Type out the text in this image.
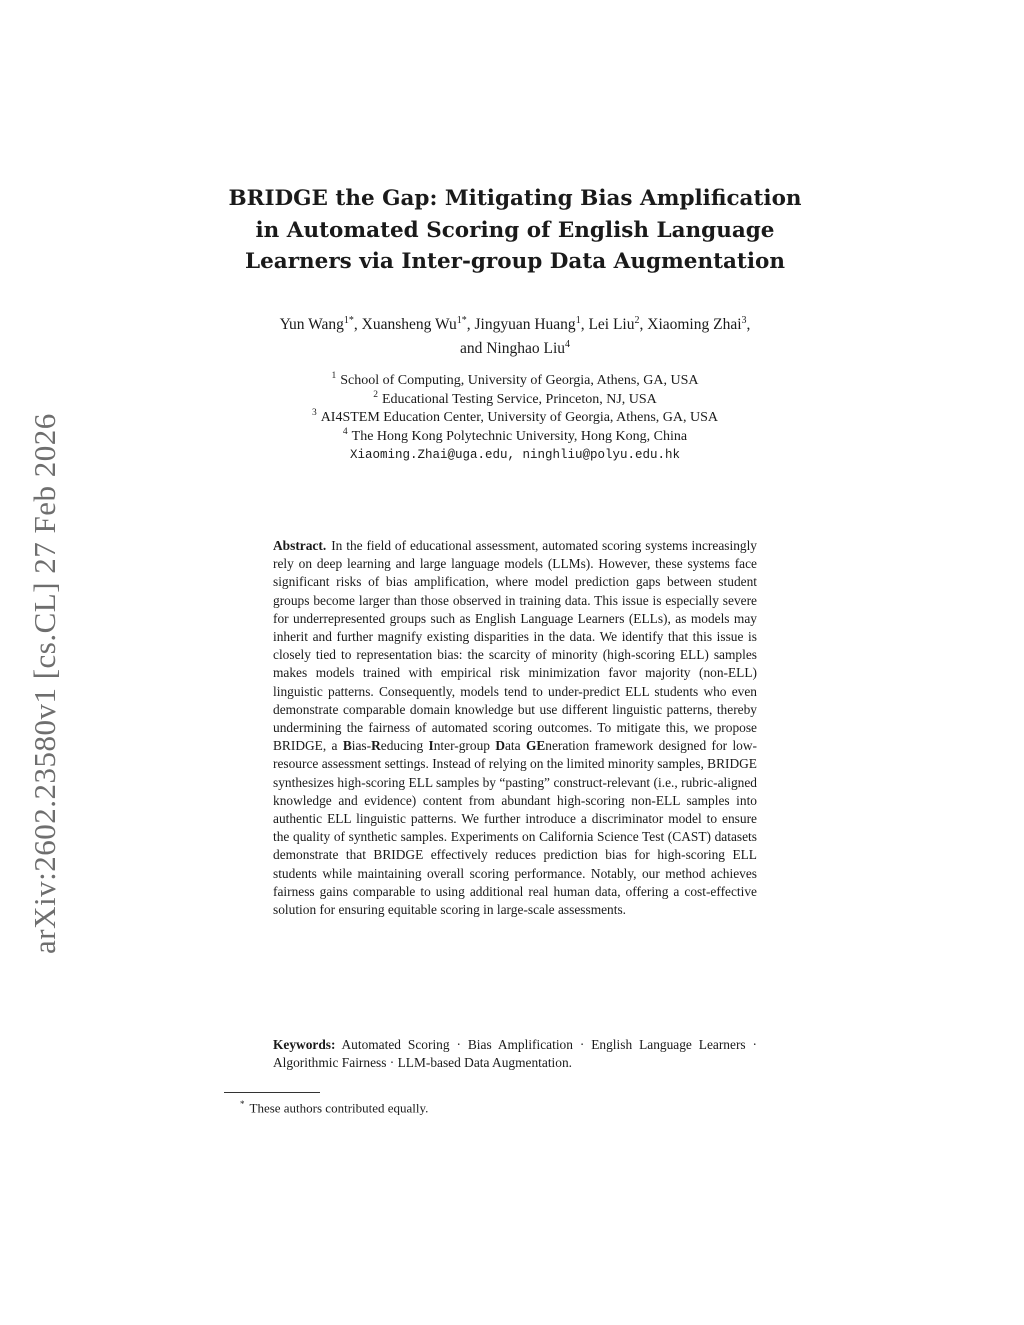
arXiv:2602.23580v1 [cs.CL] 27 Feb 2026
BRIDGE the Gap: Mitigating Bias Amplification
in Automated Scoring of English Language
Learners via Inter-group Data Augmentation
Yun Wang$^{1*}$, Xuansheng $Wu^{1*}$, Jingyuan Huang$^1$, Lei Liu$^2$, Xiaoming Zhai$^3$,
and Ninghao Liu$^4$
$^1$ School of Computing, University of Georgia, Athens, GA, USA
$^2$ Educational Testing Service, Princeton, NJ, USA
$^3$ AI4STEM Education Center, University of Georgia, Athens, GA, USA
$^4$ The Hong Kong Polytechnic University, Hong Kong, China
Xiaoming.Zhai@uga.edu, ninghliu@polyu.edu.hk
Abstract. In the field of educational assessment, automated scoring systems increasingly rely on deep learning and large language models (LLMs). However, these systems face significant risks of bias amplification, where model prediction gaps between student groups become larger than those observed in training data. This issue is especially severe for underrepresented groups such as English Language Learners (ELLs), as models may inherit and further magnify existing disparities in the data. We identify that this issue is closely tied to representation bias: the scarcity of minority (high-scoring ELL) samples makes models trained with empirical risk minimization favor majority (non-ELL) linguistic patterns. Consequently, models tend to under-predict ELL students who even demonstrate comparable domain knowledge but use different linguistic patterns, thereby undermining the fairness of automated scoring outcomes. To mitigate this, we propose BRIDGE, a Bias-Reducing Inter-group Data GEneration framework designed for low-resource assessment settings. Instead of relying on the limited minority samples, BRIDGE synthesizes high-scoring ELL samples by “pasting” construct-relevant (i.e., rubric-aligned knowledge and evidence) content from abundant high-scoring non-ELL samples into authentic ELL linguistic patterns. We further introduce a discriminator model to ensure the quality of synthetic samples. Experiments on California Science Test (CAST) datasets demonstrate that BRIDGE effectively reduces prediction bias for high-scoring ELL students while maintaining overall scoring performance. Notably, our method achieves fairness gains comparable to using additional real human data, offering a cost-effective solution for ensuring equitable scoring in large-scale assessments.
Keywords: Automated Scoring · Bias Amplification · English Language Learners · Algorithmic Fairness · LLM-based Data Augmentation.
* These authors contributed equally.
